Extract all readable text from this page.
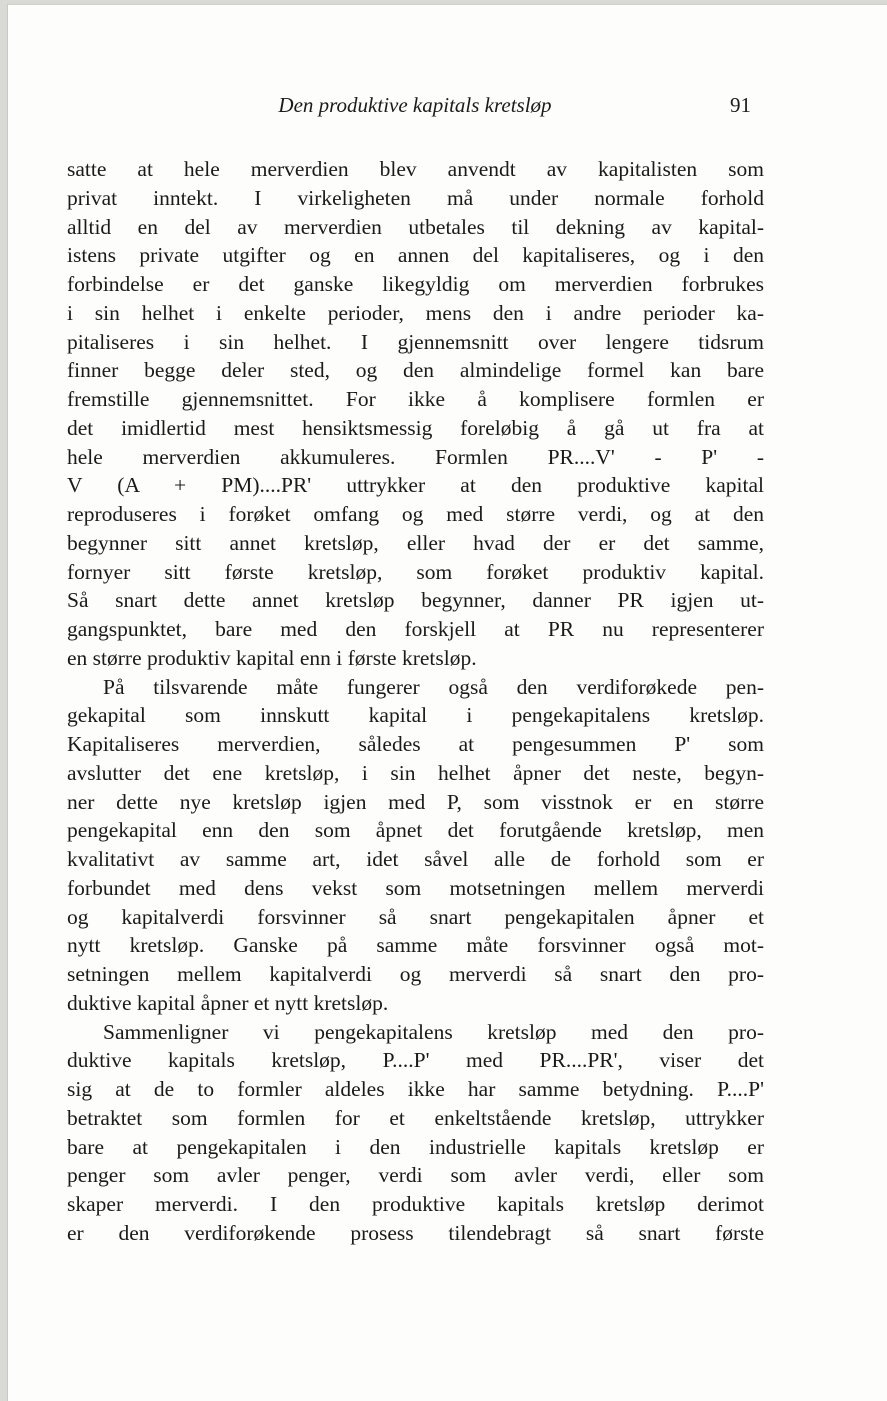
Den produktive kapitals kretsløp	91
satte at hele merverdien blev anvendt av kapitalisten som
privat inntekt. I virkeligheten må under normale forhold
alltid en del av merverdien utbetales til dekning av kapital-
istens private utgifter og en annen del kapitaliseres, og i den
forbindelse er det ganske likegyldig om merverdien forbrukes
i sin helhet i enkelte perioder, mens den i andre perioder ka-
pitaliseres i sin helhet. I gjennemsnitt over lengere tidsrum
finner begge deler sted, og den almindelige formel kan bare
fremstille gjennemsnittet. For ikke å komplisere formlen er
det imidlertid mest hensiktsmessig foreløbig å gå ut fra at
hele merverdien akkumuleres. Formlen PR....V' - P' -
V (A + PM)....PR' uttrykker at den produktive kapital
reproduseres i forøket omfang og med større verdi, og at den
begynner sitt annet kretsløp, eller hvad der er det samme,
fornyer sitt første kretsløp, som forøket produktiv kapital.
Så snart dette annet kretsløp begynner, danner PR igjen ut-
gangspunktet, bare med den forskjell at PR nu representerer
en større produktiv kapital enn i første kretsløp.
På tilsvarende måte fungerer også den verdiforøkede pen-
gekapital som innskutt kapital i pengekapitalens kretsløp.
Kapitaliseres merverdien, således at pengesummen P' som
avslutter det ene kretsløp, i sin helhet åpner det neste, begyn-
ner dette nye kretsløp igjen med P, som visstnok er en større
pengekapital enn den som åpnet det forutgående kretsløp, men
kvalitativt av samme art, idet såvel alle de forhold som er
forbundet med dens vekst som motsetningen mellem merverdi
og kapitalverdi forsvinner så snart pengekapitalen åpner et
nytt kretsløp. Ganske på samme måte forsvinner også mot-
setningen mellem kapitalverdi og merverdi så snart den pro-
duktive kapital åpner et nytt kretsløp.
Sammenligner vi pengekapitalens kretsløp med den pro-
duktive kapitals kretsløp, P....P' med PR....PR', viser det
sig at de to formler aldeles ikke har samme betydning. P....P'
betraktet som formlen for et enkeltstående kretsløp, uttrykker
bare at pengekapitalen i den industrielle kapitals kretsløp er
penger som avler penger, verdi som avler verdi, eller som
skaper merverdi. I den produktive kapitals kretsløp derimot
er den verdiforøkende prosess tilendebragt så snart første
